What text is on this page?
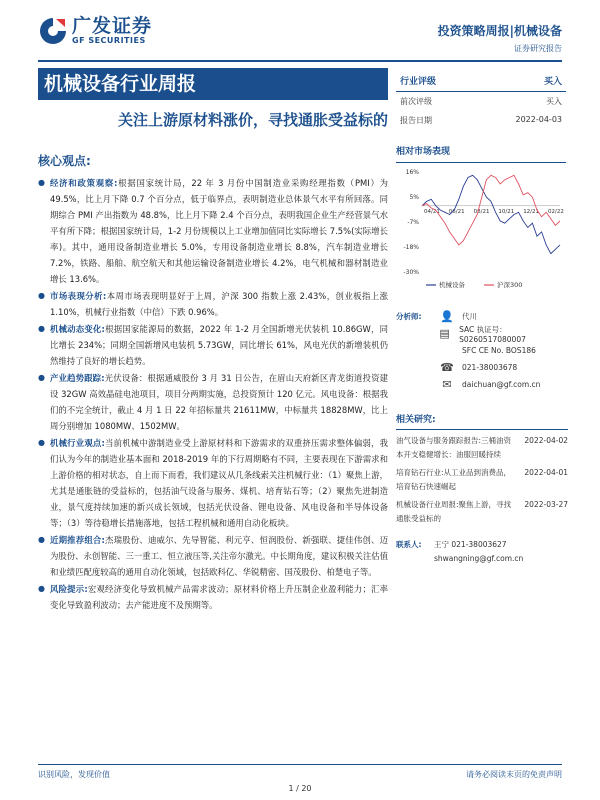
广发证券
GF SECURITIES
投资策略周报|机械设备
证券研究报告
机械设备行业周报
关注上游原材料涨价，寻找通胀受益标的
行业评级	买入
前次评级	买入
报告日期	2022-04-03
相对市场表现
16%
5%
-7%
-18%
-30%
04/21 06/21 08/21 10/21 12/21 02/22
机械设备	沪深300
分析师:	👤	代川
▤	SAC 执证号：S0260517080007
SFC CE No. BOS186
☎	021-38003678
✉	daichuan@gf.com.cn
相关研究:
油气设备与服务跟踪报告:三桶油资本开支稳健增长：油服回暖持续
2022-04-02
培育钻石行业:从工业品到消费品，培育钻石快速崛起
2022-04-01
机械设备行业周报:聚焦上游，寻找通胀受益标的
2022-03-27
联系人:	王宁 021-38003627
shwangning@gf.com.cn
核心观点:
● 经济和政策观察:根据国家统计局，22 年 3 月份中国制造业采购经理指数（PMI）为 49.5%，比上月下降 0.7 个百分点，低于临界点，表明制造业总体景气水平有所回落。同期综合 PMI 产出指数为 48.8%，比上月下降 2.4 个百分点，表明我国企业生产经营景气水平有所下降；根据国家统计局，1-2 月份规模以上工业增加值同比实际增长 7.5%(实际增长率)。其中，通用设备制造业增长 5.0%，专用设备制造业增长 8.8%，汽车制造业增长 7.2%，铁路、船舶、航空航天和其他运输设备制造业增长 4.2%，电气机械和器材制造业增长 13.6%。
● 市场表现分析:本周市场表现明显好于上周，沪深 300 指数上涨 2.43%，创业板指上涨 1.10%，机械行业指数（中信）下跌 0.96%。
● 机械动态变化:根据国家能源局的数据，2022 年 1-2 月全国新增光伏装机 10.86GW，同比增长 234%；同期全国新增风电装机 5.73GW，同比增长 61%，风电光伏的新增装机仍然维持了良好的增长趋势。
● 产业趋势跟踪:光伏设备：根据通威股份 3 月 31 日公告，在眉山天府新区青龙街道投资建设 32GW 高效晶硅电池项目，项目分两期实施，总投资预计 120 亿元。风电设备：根据我们的不完全统计，截止 4 月 1 日 22 年招标量共 21611MW，中标量共 18828MW，比上周分别增加 1080MW、1502MW。
● 机械行业观点:当前机械中游制造业受上游原材料和下游需求的双重挤压需求整体偏弱，我们认为今年的制造业基本面和 2018-2019 年的下行周期略有不同，主要表现在下游需求和上游价格的相对状态，自上而下而看，我们建议从几条线索关注机械行业：（1）聚焦上游，尤其是通胀链的受益标的，包括油气设备与服务、煤机、培育钻石等；（2）聚焦先进制造业，景气度持续加速的新兴成长领域，包括光伏设备、锂电设备、风电设备和半导体设备等；（3）等待稳增长措施落地，包括工程机械和通用自动化板块。
● 近期推荐组合:杰瑞股份、迪威尔、先导智能、利元亨、恒润股份、新强联、捷佳伟创、迈为股份、永创智能、三一重工、恒立液压等,关注帝尔激光。中长期角度，建议积极关注估值和业绩匹配度较高的通用自动化领域，包括欧科亿、华锐精密、国茂股份、柏楚电子等。
● 风险提示:宏观经济变化导致机械产品需求波动；原材料价格上升压制企业盈利能力；汇率变化导致盈利波动；去产能进度不及预期等。
识别风险，发现价值	请务必阅读末页的免责声明
1 / 20
